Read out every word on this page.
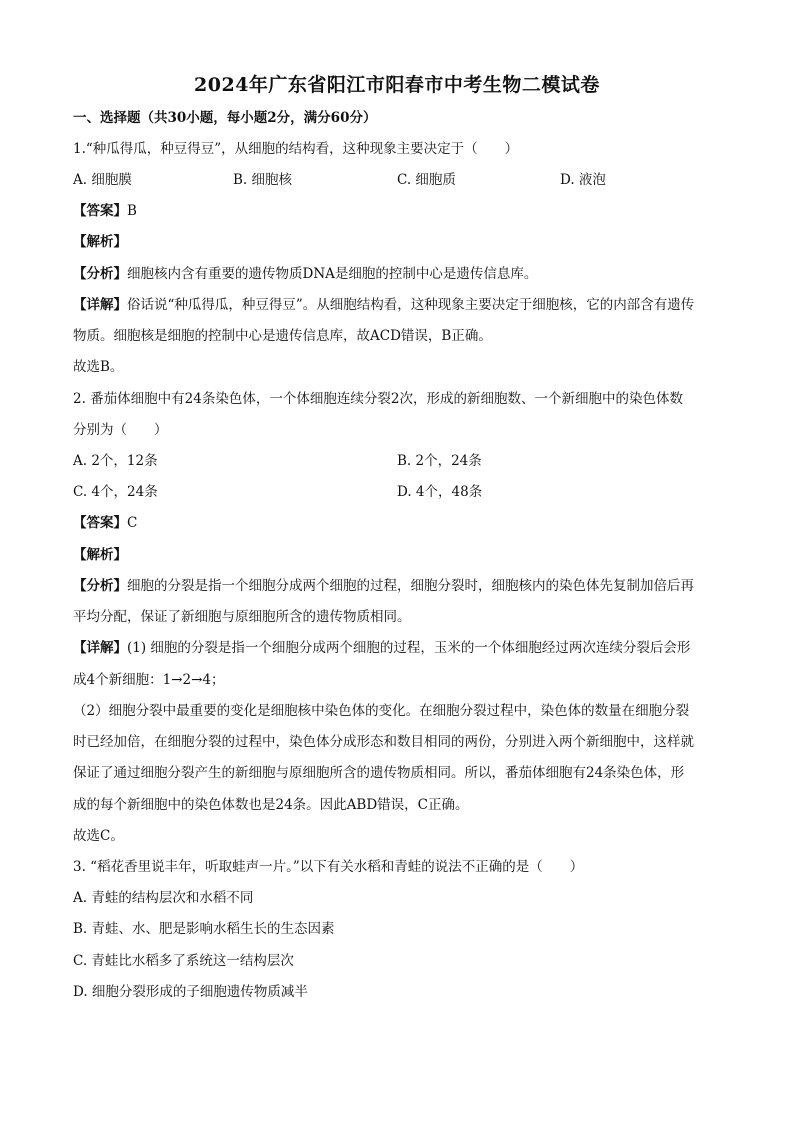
2024年广东省阳江市阳春市中考生物二模试卷
一、选择题（共30小题，每小题2分，满分60分）
1.“种瓜得瓜，种豆得豆”，从细胞的结构看，这种现象主要决定于（　　）
A. 细胞膜	B. 细胞核	C. 细胞质	D. 液泡
【答案】B
【解析】
【分析】细胞核内含有重要的遗传物质DNA是细胞的控制中心是遗传信息库。
【详解】俗话说“种瓜得瓜，种豆得豆”。从细胞结构看，这种现象主要决定于细胞核，它的内部含有遗传
物质。细胞核是细胞的控制中心是遗传信息库，故ACD错误，B正确。
故选B。
2. 番茄体细胞中有24条染色体，一个体细胞连续分裂2次，形成的新细胞数、一个新细胞中的染色体数
分别为（　　）
A. 2个，12条	B. 2个，24条
C. 4个，24条	D. 4个，48条
【答案】C
【解析】
【分析】细胞的分裂是指一个细胞分成两个细胞的过程，细胞分裂时，细胞核内的染色体先复制加倍后再
平均分配，保证了新细胞与原细胞所含的遗传物质相同。
【详解】(1) 细胞的分裂是指一个细胞分成两个细胞的过程，玉米的一个体细胞经过两次连续分裂后会形
成4个新细胞：1→2→4；
（2）细胞分裂中最重要的变化是细胞核中染色体的变化。在细胞分裂过程中，染色体的数量在细胞分裂
时已经加倍，在细胞分裂的过程中，染色体分成形态和数目相同的两份，分别进入两个新细胞中，这样就
保证了通过细胞分裂产生的新细胞与原细胞所含的遗传物质相同。所以，番茄体细胞有24条染色体，形
成的每个新细胞中的染色体数也是24条。因此ABD错误，C正确。
故选C。
3. “稻花香里说丰年，听取蛙声一片。”以下有关水稻和青蛙的说法不正确的是（　　）
A. 青蛙的结构层次和水稻不同
B. 青蛙、水、肥是影响水稻生长的生态因素
C. 青蛙比水稻多了系统这一结构层次
D. 细胞分裂形成的子细胞遗传物质减半
